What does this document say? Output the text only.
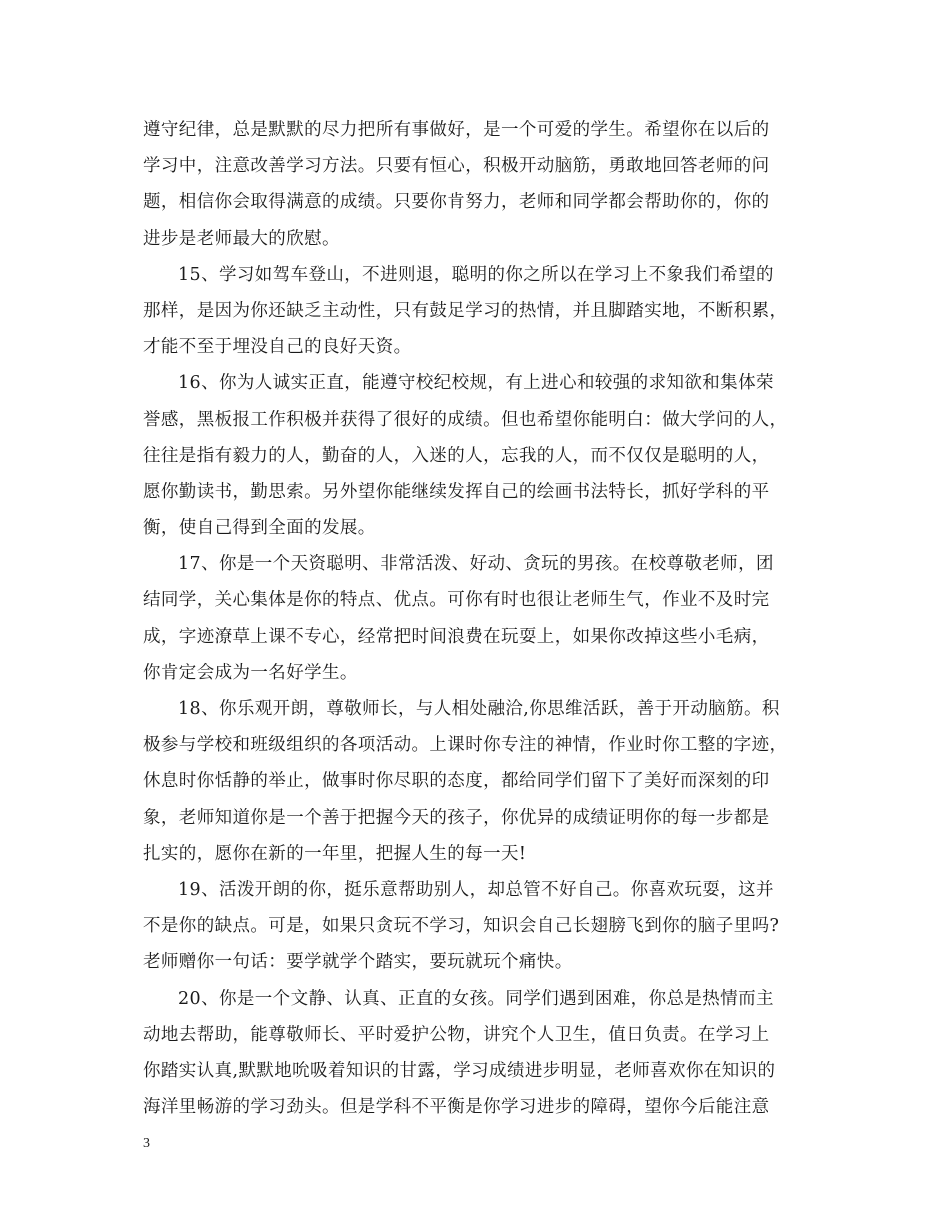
遵守纪律，总是默默的尽力把所有事做好，是一个可爱的学生。希望你在以后的
学习中，注意改善学习方法。只要有恒心，积极开动脑筋，勇敢地回答老师的问
题，相信你会取得满意的成绩。只要你肯努力，老师和同学都会帮助你的，你的
进步是老师最大的欣慰。
15、学习如驾车登山，不进则退，聪明的你之所以在学习上不象我们希望的
那样，是因为你还缺乏主动性，只有鼓足学习的热情，并且脚踏实地，不断积累，
才能不至于埋没自己的良好天资。
16、你为人诚实正直，能遵守校纪校规，有上进心和较强的求知欲和集体荣
誉感，黑板报工作积极并获得了很好的成绩。但也希望你能明白：做大学问的人，
往往是指有毅力的人，勤奋的人，入迷的人，忘我的人，而不仅仅是聪明的人，
愿你勤读书，勤思索。另外望你能继续发挥自己的绘画书法特长，抓好学科的平
衡，使自己得到全面的发展。
17、你是一个天资聪明、非常活泼、好动、贪玩的男孩。在校尊敬老师，团
结同学，关心集体是你的特点、优点。可你有时也很让老师生气，作业不及时完
成，字迹潦草上课不专心，经常把时间浪费在玩耍上，如果你改掉这些小毛病，
你肯定会成为一名好学生。
18、你乐观开朗，尊敬师长，与人相处融洽,你思维活跃，善于开动脑筋。积
极参与学校和班级组织的各项活动。上课时你专注的神情，作业时你工整的字迹，
休息时你恬静的举止，做事时你尽职的态度，都给同学们留下了美好而深刻的印
象，老师知道你是一个善于把握今天的孩子，你优异的成绩证明你的每一步都是
扎实的，愿你在新的一年里，把握人生的每一天!
19、活泼开朗的你，挺乐意帮助别人，却总管不好自己。你喜欢玩耍，这并
不是你的缺点。可是，如果只贪玩不学习，知识会自己长翅膀飞到你的脑子里吗?
老师赠你一句话：要学就学个踏实，要玩就玩个痛快。
20、你是一个文静、认真、正直的女孩。同学们遇到困难，你总是热情而主
动地去帮助，能尊敬师长、平时爱护公物，讲究个人卫生，值日负责。在学习上
你踏实认真,默默地吮吸着知识的甘露，学习成绩进步明显，老师喜欢你在知识的
海洋里畅游的学习劲头。但是学科不平衡是你学习进步的障碍，望你今后能注意
3
